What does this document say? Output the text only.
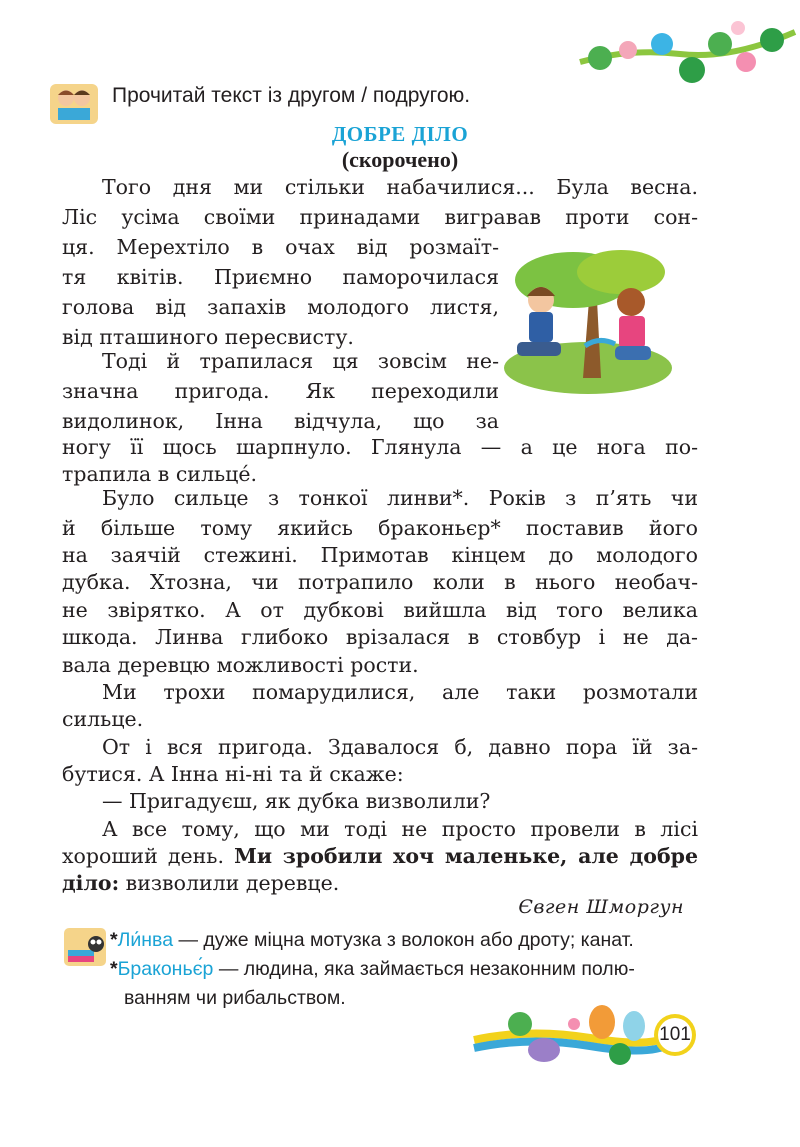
Прочитай текст із другом / подругою.
ДОБРЕ ДІЛО
(скорочено)
Того дня ми стільки набачилися... Була весна.
Ліс усіма своїми принадами вигравав проти сон-
ця. Мерехтіло в очах від розмаїт-
тя квітів. Приємно паморочилася
голова від запахів молодого листя,
від пташиного пересвисту.
Тоді й трапилася ця зовсім не-
значна пригода. Як переходили
видолинок, Інна відчула, що за
ногу її щось шарпнуло. Глянула — а це нога по-
трапила в сильце́.
Було сильце з тонкої линви*. Років з п’ять чи
й більше тому якийсь браконьєр* поставив його
на заячій стежині. Примотав кінцем до молодого
дубка. Хтозна, чи потрапило коли в нього необач-
не звірятко. А от дубкові вийшла від того велика
шкода. Линва глибоко врізалася в стовбур і не да-
вала деревцю можливості рости.
Ми трохи помарудилися, але таки розмотали
сильце.
От і вся пригода. Здавалося б, давно пора їй за-
бутися. А Інна ні-ні та й скаже:
— Пригадуєш, як дубка визволили?
А все тому, що ми тоді не просто провели в лісі
хороший день. Ми зробили хоч маленьке, але добре
діло: визволили деревце.
Євген Шморгун
*Ли́нва — дуже міцна мотузка з волокон або дроту; канат.
*Браконьє́р — людина, яка займається незаконним полю-
ванням чи рибальством.
101
